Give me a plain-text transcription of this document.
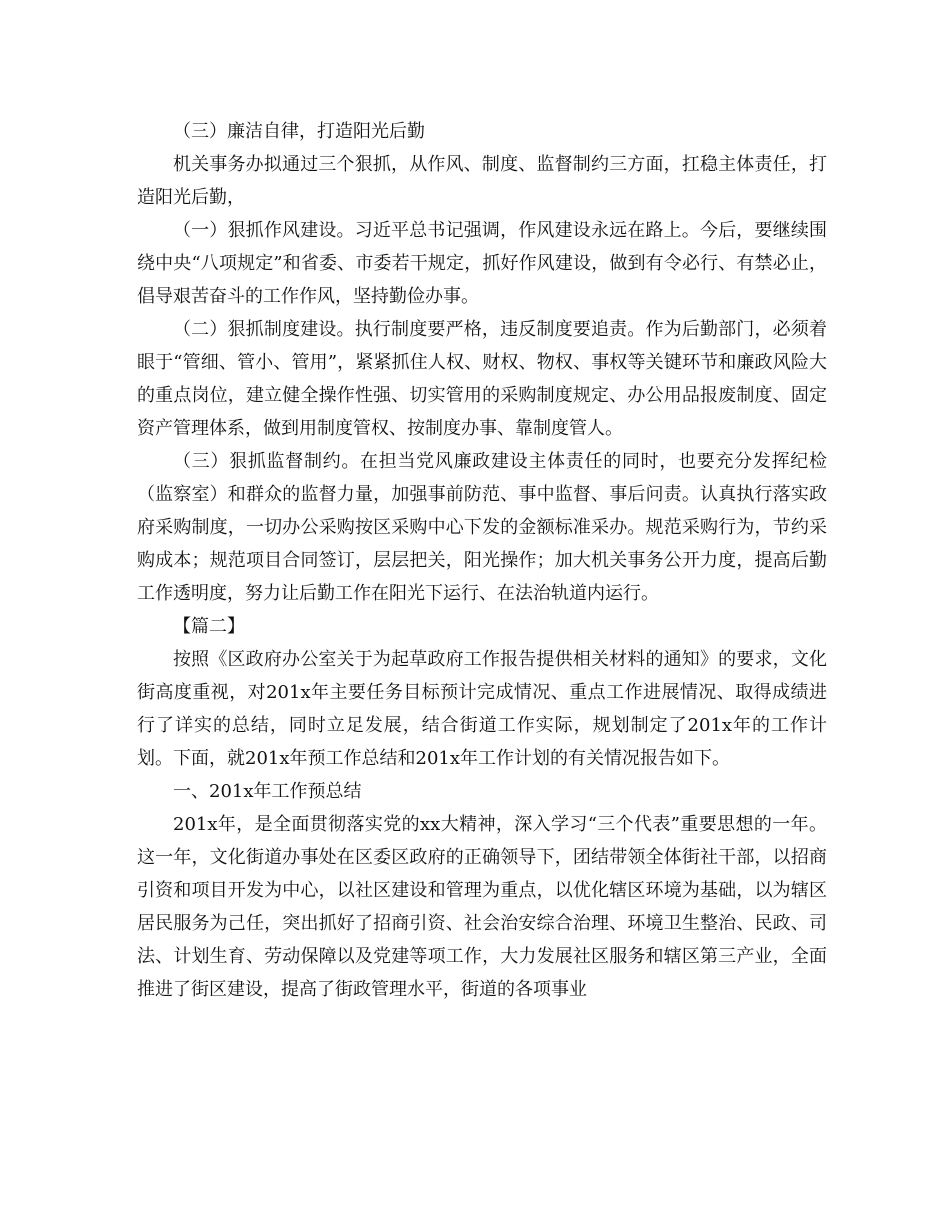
（三）廉洁自律，打造阳光后勤

机关事务办拟通过三个狠抓，从作风、制度、监督制约三方面，扛稳主体责任，打造阳光后勤，

（一）狠抓作风建设。习近平总书记强调，作风建设永远在路上。今后，要继续围绕中央“八项规定”和省委、市委若干规定，抓好作风建设，做到有令必行、有禁必止，倡导艰苦奋斗的工作作风，坚持勤俭办事。

（二）狠抓制度建设。执行制度要严格，违反制度要追责。作为后勤部门，必须着眼于“管细、管小、管用”，紧紧抓住人权、财权、物权、事权等关键环节和廉政风险大的重点岗位，建立健全操作性强、切实管用的采购制度规定、办公用品报废制度、固定资产管理体系，做到用制度管权、按制度办事、靠制度管人。

（三）狠抓监督制约。在担当党风廉政建设主体责任的同时，也要充分发挥纪检（监察室）和群众的监督力量，加强事前防范、事中监督、事后问责。认真执行落实政府采购制度，一切办公采购按区采购中心下发的金额标准采办。规范采购行为，节约采购成本；规范项目合同签订，层层把关，阳光操作；加大机关事务公开力度，提高后勤工作透明度，努力让后勤工作在阳光下运行、在法治轨道内运行。

【篇二】

按照《区政府办公室关于为起草政府工作报告提供相关材料的通知》的要求，文化街高度重视，对201x年主要任务目标预计完成情况、重点工作进展情况、取得成绩进行了详实的总结，同时立足发展，结合街道工作实际，规划制定了201x年的工作计划。下面，就201x年预工作总结和201x年工作计划的有关情况报告如下。

一、201x年工作预总结

201x年，是全面贯彻落实党的xx大精神，深入学习“三个代表”重要思想的一年。这一年，文化街道办事处在区委区政府的正确领导下，团结带领全体街社干部，以招商引资和项目开发为中心，以社区建设和管理为重点，以优化辖区环境为基础，以为辖区居民服务为己任，突出抓好了招商引资、社会治安综合治理、环境卫生整治、民政、司法、计划生育、劳动保障以及党建等项工作，大力发展社区服务和辖区第三产业，全面推进了街区建设，提高了街政管理水平，街道的各项事业
